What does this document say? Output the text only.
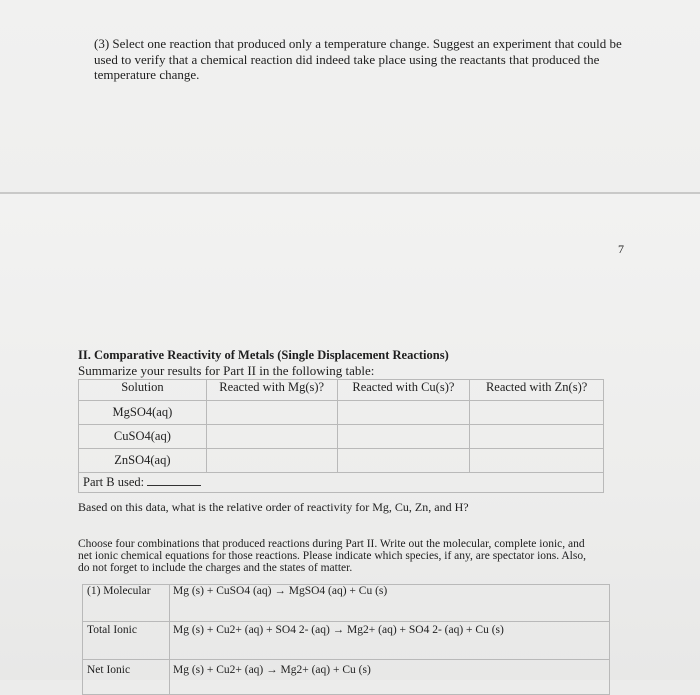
(3) Select one reaction that produced only a temperature change. Suggest an experiment that could be used to verify that a chemical reaction did indeed take place using the reactants that produced the temperature change.
7
II. Comparative Reactivity of Metals (Single Displacement Reactions)
Summarize your results for Part II in the following table:
Solution	Reacted with Mg(s)?	Reacted with Cu(s)?	Reacted with Zn(s)?
MgSO4(aq)			
CuSO4(aq)			
ZnSO4(aq)			
Part B used:			
Based on this data, what is the relative order of reactivity for Mg, Cu, Zn, and H?
Choose four combinations that produced reactions during Part II. Write out the molecular, complete ionic, and net ionic chemical equations for those reactions. Please indicate which species, if any, are spectator ions. Also, do not forget to include the charges and the states of matter.
(1) Molecular	Mg (s) + CuSO4 (aq) → MgSO4 (aq) + Cu (s)
Total Ionic	Mg (s) + Cu2+ (aq) + SO4 2- (aq) → Mg2+ (aq) + SO4 2- (aq) + Cu (s)
Net Ionic	Mg (s) + Cu2+ (aq) → Mg2+ (aq) + Cu (s)
